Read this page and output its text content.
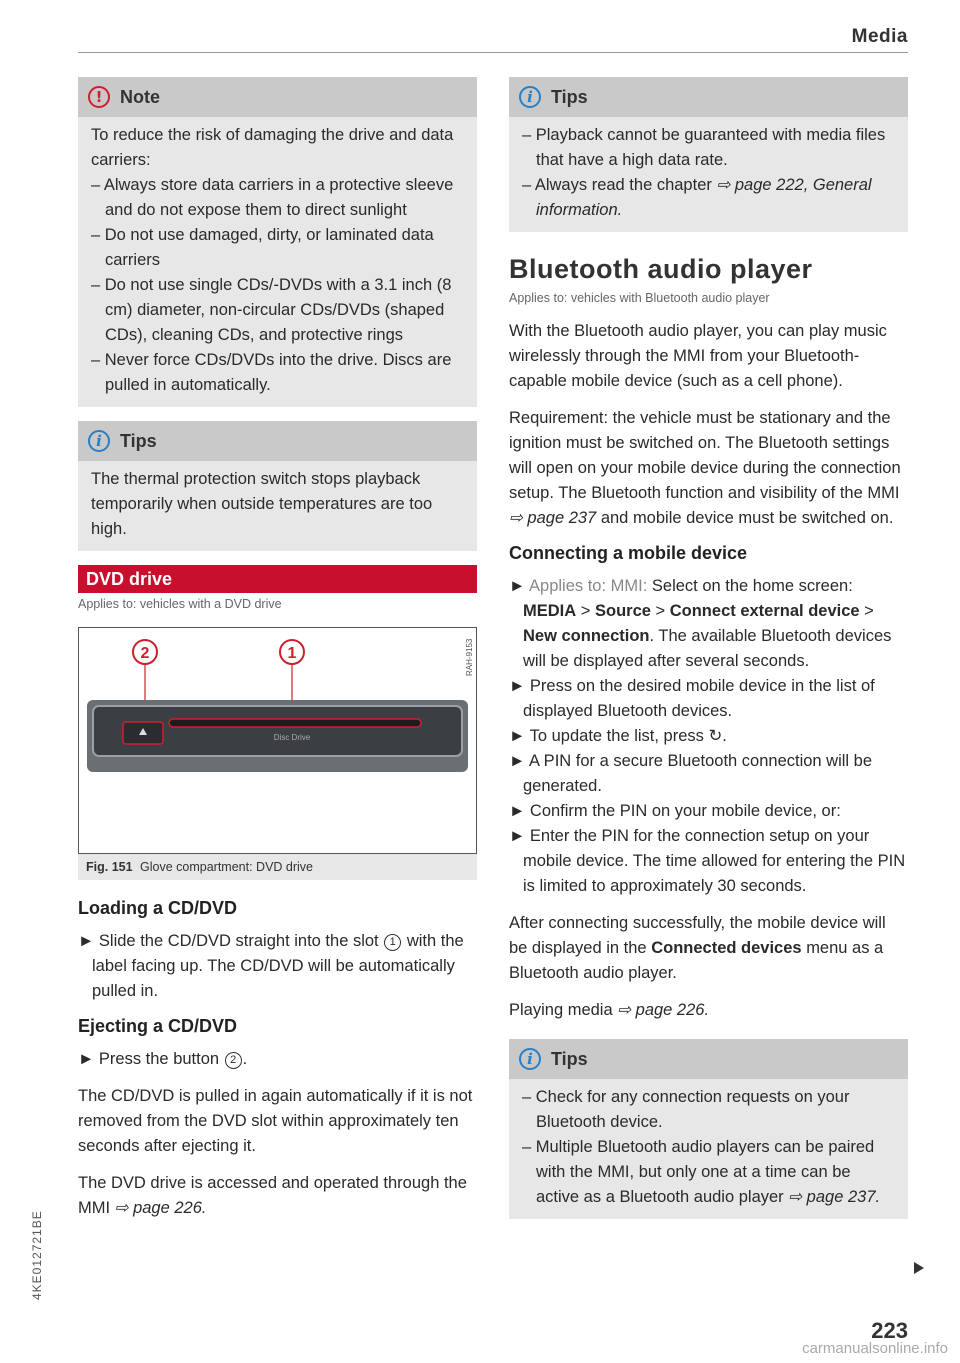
Media
! Note

To reduce the risk of damaging the drive and data carriers:

– Always store data carriers in a protective sleeve and do not expose them to direct sunlight

– Do not use damaged, dirty, or laminated data carriers

– Do not use single CDs/-DVDs with a 3.1 inch (8 cm) diameter, non-circular CDs/DVDs (shaped CDs), cleaning CDs, and protective rings

– Never force CDs/DVDs into the drive. Discs are pulled in automatically.

i	Tips

The thermal protection switch stops playback temporarily when outside temperatures are too high.

DVD drive
Applies to: vehicles with a DVD drive
2	1
Disc Drive
RAH-9153
Fig. 151 Glove compartment: DVD drive
Loading a CD/DVD

► Slide the CD/DVD straight into the slot 1 with the label facing up. The CD/DVD will be automatically pulled in.

Ejecting a CD/DVD

► Press the button 2 .

The CD/DVD is pulled in again automatically if it is not removed from the DVD slot within approximately ten seconds after ejecting it.

The DVD drive is accessed and operated through the MMI ⇨ page 226.

i	Tips

– Playback cannot be guaranteed with media files that have a high data rate.

– Always read the chapter ⇨ page 222, General information.

Bluetooth audio player
Applies to: vehicles with Bluetooth audio player

With the Bluetooth audio player, you can play music wirelessly through the MMI from your Bluetooth-capable mobile device (such as a cell phone).

Requirement: the vehicle must be stationary and the ignition must be switched on. The Bluetooth settings will open on your mobile device during the connection setup. The Bluetooth function and visibility of the MMI ⇨ page 237 and mobile device must be switched on.

Connecting a mobile device

► Applies to: MMI: Select on the home screen: MEDIA > Source > Connect external device > New connection. The available Bluetooth devices will be displayed after several seconds.

► Press on the desired mobile device in the list of displayed Bluetooth devices.

► To update the list, press ↻.

► A PIN for a secure Bluetooth connection will be generated.

► Confirm the PIN on your mobile device, or:

► Enter the PIN for the connection setup on your mobile device. The time allowed for entering the PIN is limited to approximately 30 seconds.

After connecting successfully, the mobile device will be displayed in the Connected devices menu as a Bluetooth audio player.

Playing media ⇨ page 226.

i	Tips

– Check for any connection requests on your Bluetooth device.

– Multiple Bluetooth audio players can be paired with the MMI, but only one at a time can be active as a Bluetooth audio player ⇨ page 237.

4KE012721BE
223
carmanualsonline.info
